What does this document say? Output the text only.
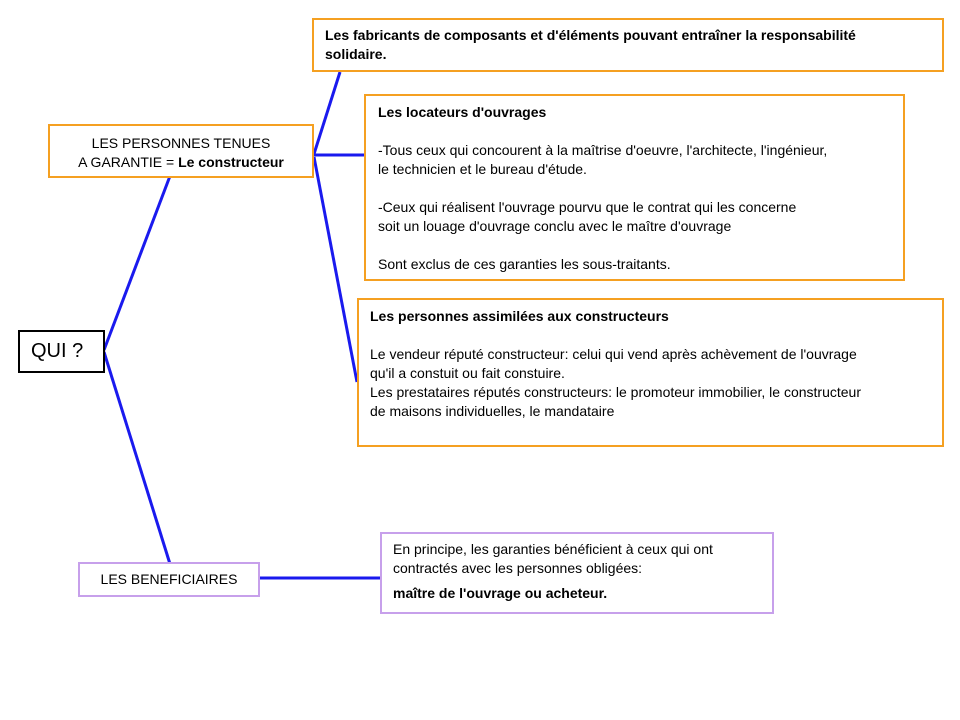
QUI ?

LES PERSONNES TENUES

A GARANTIE = Le constructeur

Les fabricants de composants et d'éléments pouvant entraîner la responsabilité
solidaire.

Les locateurs d'ouvrages

-Tous ceux qui concourent à la maîtrise d'oeuvre, l'architecte, l'ingénieur,
le technicien et le bureau d'étude.

-Ceux qui réalisent l'ouvrage pourvu que le contrat qui les concerne
soit un louage d'ouvrage conclu avec le maître d'ouvrage

Sont exclus de ces garanties les sous-traitants.

Les personnes assimilées aux constructeurs

Le vendeur réputé constructeur: celui qui vend après achèvement de l'ouvrage
qu'il a constuit ou fait constuire.

Les prestataires réputés constructeurs: le promoteur immobilier, le constructeur
de maisons individuelles, le mandataire

LES BENEFICIAIRES

En principe, les garanties bénéficient à ceux qui ont
contractés avec les personnes obligées:

maître de l'ouvrage ou acheteur.
